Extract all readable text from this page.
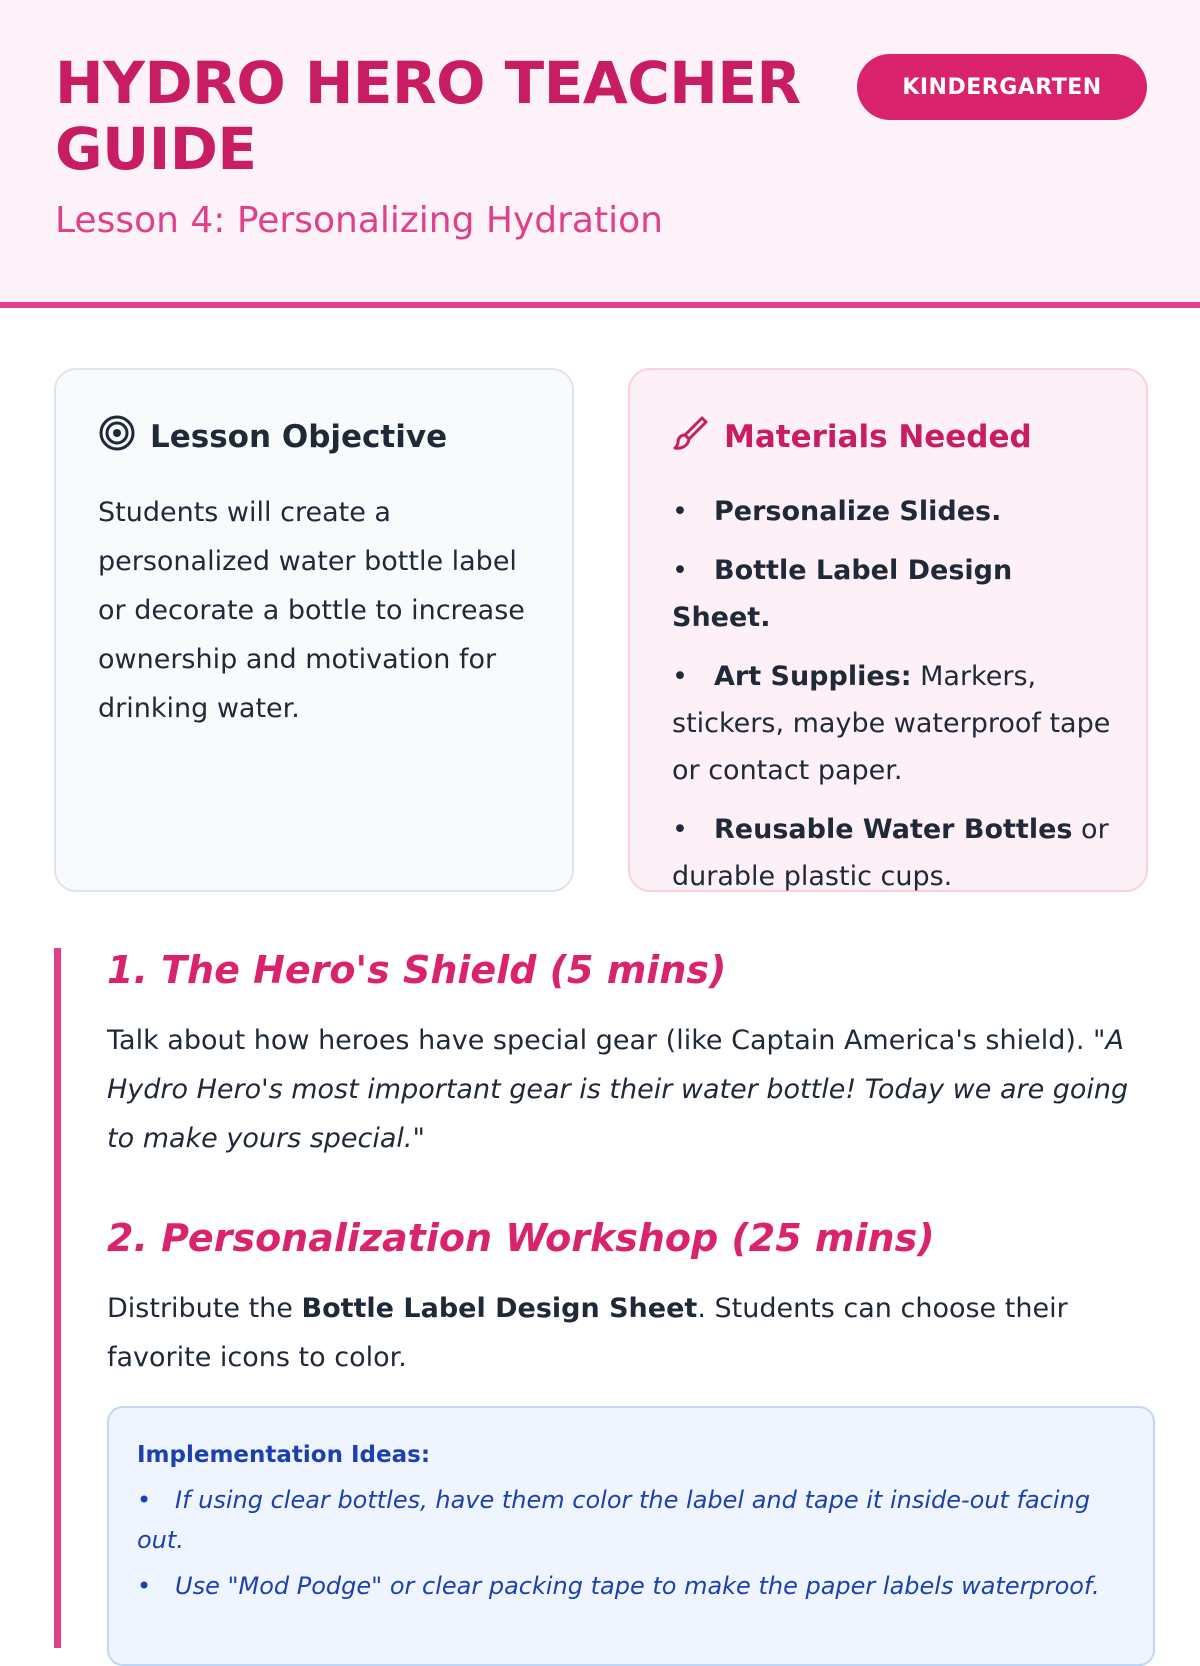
HYDRO HERO TEACHER GUIDE
Lesson 4: Personalizing Hydration
KINDERGARTEN
Lesson Objective

Students will create a personalized water bottle label or decorate a bottle to increase ownership and motivation for drinking water.

Materials Needed
• Personalize Slides.
• Bottle Label Design Sheet.
• Art Supplies: Markers, stickers, maybe waterproof tape or contact paper.
• Reusable Water Bottles or durable plastic cups.
1. The Hero's Shield (5 mins)

Talk about how heroes have special gear (like Captain America's shield). "A Hydro Hero's most important gear is their water bottle! Today we are going to make yours special."

2. Personalization Workshop (25 mins)

Distribute the Bottle Label Design Sheet. Students can choose their favorite icons to color.

Implementation Ideas:

• If using clear bottles, have them color the label and tape it inside-out facing out.
• Use "Mod Podge" or clear packing tape to make the paper labels waterproof.
